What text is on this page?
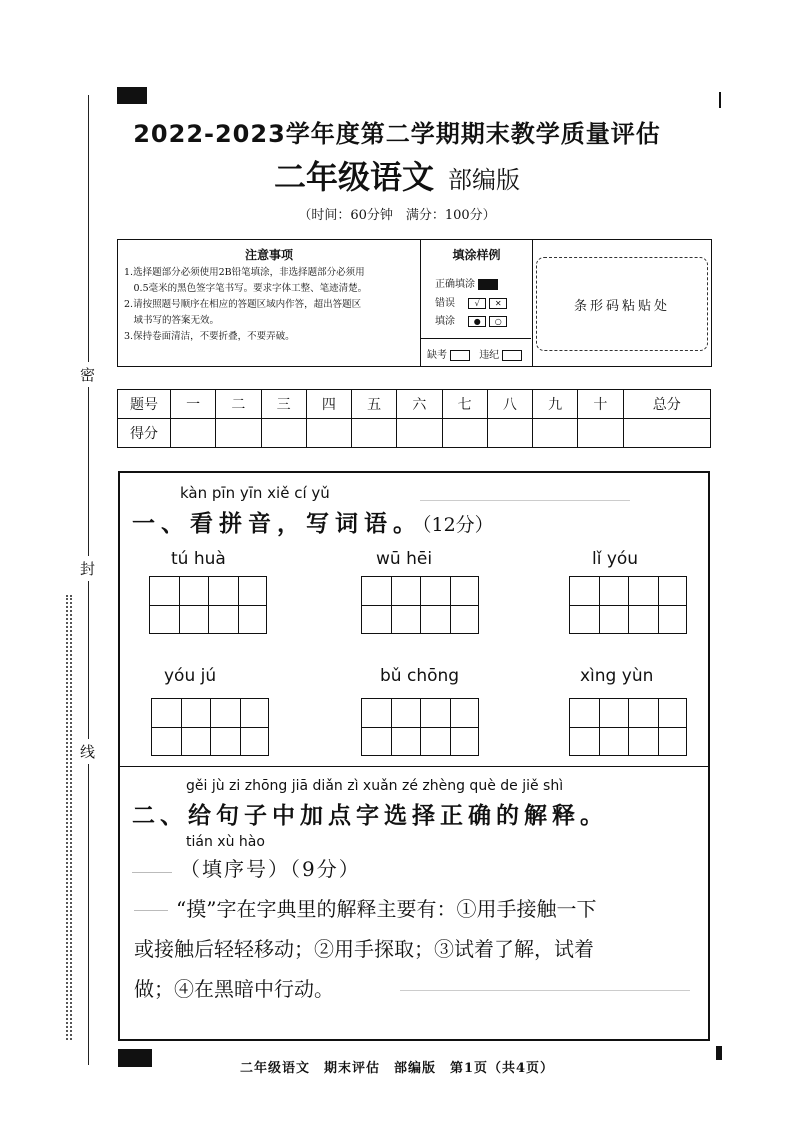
密
封
线
2022-2023学年度第二学期期末教学质量评估
二年级语文 部编版
（时间：60分钟　满分：100分）
注意事项
1.选择题部分必须使用2B铅笔填涂，非选择题部分必须用
　0.5毫米的黑色签字笔书写。要求字体工整、笔迹清楚。
2.请按照题号顺序在相应的答题区域内作答，超出答题区
　域书写的答案无效。
3.保持卷面清洁，不要折叠，不要弄破。
填涂样例
正确填涂
错误 √ ✕
填涂 ● ○
缺考	违纪
条形码粘贴处
题号	一	二	三	四	五	六	七	八	九	十	总分
得分											
kàn pīn yīn xiě cí yǔ
一、看拼音，写词语。（12分）
tú huà	wū hēi	lǐ yóu
yóu jú	bǔ chōng	xìng yùn
gěi jù zi zhōng jiā diǎn zì xuǎn zé zhèng què de jiě shì
二、给句子中加点字选择正确的解释。
tián xù hào
（填序号）（9分）
“摸”字在字典里的解释主要有：①用手接触一下
或接触后轻轻移动；②用手探取；③试着了解，试着
做；④在黑暗中行动。
二年级语文　期末评估　部编版　第1页（共4页）
